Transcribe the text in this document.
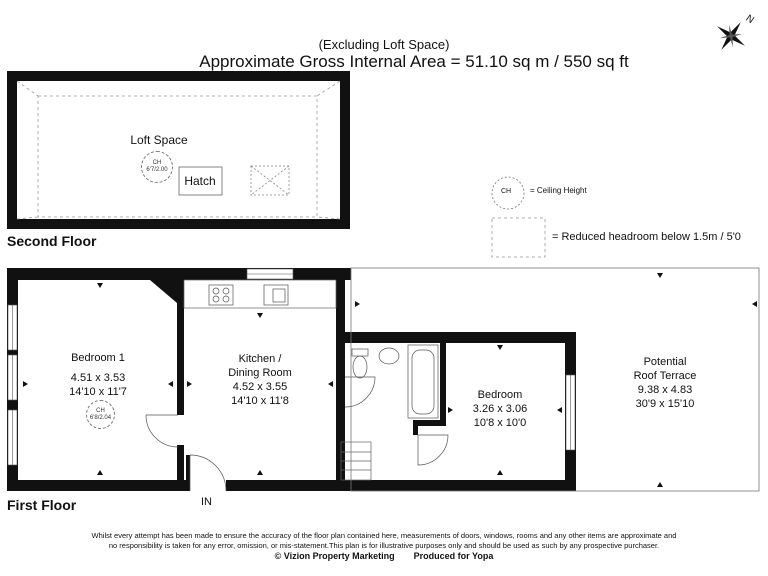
(Excluding Loft Space)
Approximate Gross Internal Area = 51.10 sq m / 550 sq ft
N
Loft Space
CH
6'7/2.00
Hatch
Second Floor
CH = Ceiling Height
= Reduced headroom below 1.5m / 5'0
Bedroom 1
4.51 x 3.53
14'10 x 11'7
CH
6'8/2.04
Kitchen /
Dining Room
4.52 x 3.55
14'10 x 11'8	Bedroom
3.26 x 3.06
10'8 x 10'0
Potential
Roof Terrace
9.38 x 4.83
30'9 x 15'10
IN
First Floor
Whilst every attempt has been made to ensure the accuracy of the floor plan contained here, measurements of doors, windows, rooms and any other items are approximate and
no responsibility is taken for any error, omission, or mis-statement.This plan is for illustrative purposes only and should be used as such by any prospective purchaser.
© Vizion Property Marketing Produced for Yopa
